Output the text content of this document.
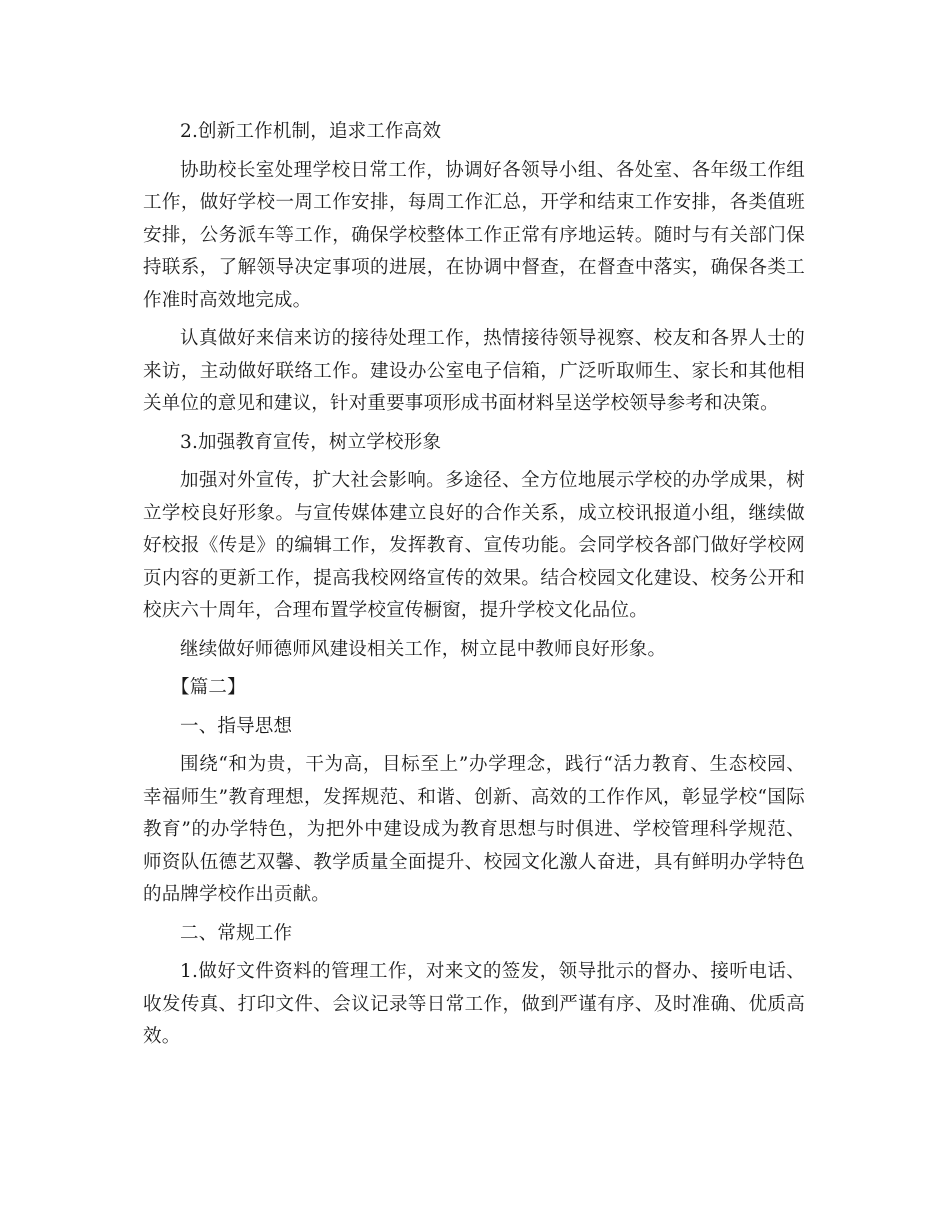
2.创新工作机制，追求工作高效

协助校长室处理学校日常工作，协调好各领导小组、各处室、各年级工作组工作，做好学校一周工作安排，每周工作汇总，开学和结束工作安排，各类值班安排，公务派车等工作，确保学校整体工作正常有序地运转。随时与有关部门保持联系，了解领导决定事项的进展，在协调中督查，在督查中落实，确保各类工作准时高效地完成。

认真做好来信来访的接待处理工作，热情接待领导视察、校友和各界人士的来访，主动做好联络工作。建设办公室电子信箱，广泛听取师生、家长和其他相关单位的意见和建议，针对重要事项形成书面材料呈送学校领导参考和决策。

3.加强教育宣传，树立学校形象

加强对外宣传，扩大社会影响。多途径、全方位地展示学校的办学成果，树立学校良好形象。与宣传媒体建立良好的合作关系，成立校讯报道小组，继续做好校报《传是》的编辑工作，发挥教育、宣传功能。会同学校各部门做好学校网页内容的更新工作，提高我校网络宣传的效果。结合校园文化建设、校务公开和校庆六十周年，合理布置学校宣传橱窗，提升学校文化品位。

继续做好师德师风建设相关工作，树立昆中教师良好形象。

【篇二】

一、指导思想

围绕“和为贵，干为高，目标至上”办学理念，践行“活力教育、生态校园、幸福师生”教育理想，发挥规范、和谐、创新、高效的工作作风，彰显学校“国际教育”的办学特色，为把外中建设成为教育思想与时俱进、学校管理科学规范、师资队伍德艺双馨、教学质量全面提升、校园文化激人奋进，具有鲜明办学特色的品牌学校作出贡献。

二、常规工作

1.做好文件资料的管理工作，对来文的签发，领导批示的督办、接听电话、收发传真、打印文件、会议记录等日常工作，做到严谨有序、及时准确、优质高效。
